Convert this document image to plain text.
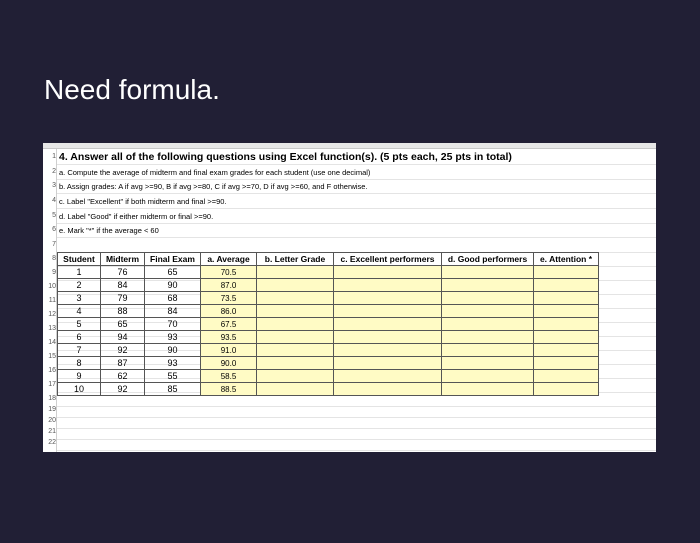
Need formula.
1
2
3
4
5
6
7
8
9
10
11
12
13
14
15
16
17
18
19
20
21
22
4. Answer all of the following questions using Excel function(s). (5 pts each, 25 pts in total)
a. Compute the average of midterm and final exam grades for each student (use one decimal)
b. Assign grades: A if avg >=90, B if avg >=80, C if avg >=70, D if avg >=60, and F otherwise.
c. Label "Excellent" if both midterm and final >=90.
d. Label "Good" if either midterm or final >=90.
e. Mark "*" if the average < 60
Student	Midterm	Final Exam	a. Average	b. Letter Grade	c. Excellent performers	d. Good performers	e. Attention *
1	76	65	70.5				
2	84	90	87.0				
3	79	68	73.5				
4	88	84	86.0				
5	65	70	67.5				
6	94	93	93.5				
7	92	90	91.0				
8	87	93	90.0				
9	62	55	58.5				
10	92	85	88.5				
